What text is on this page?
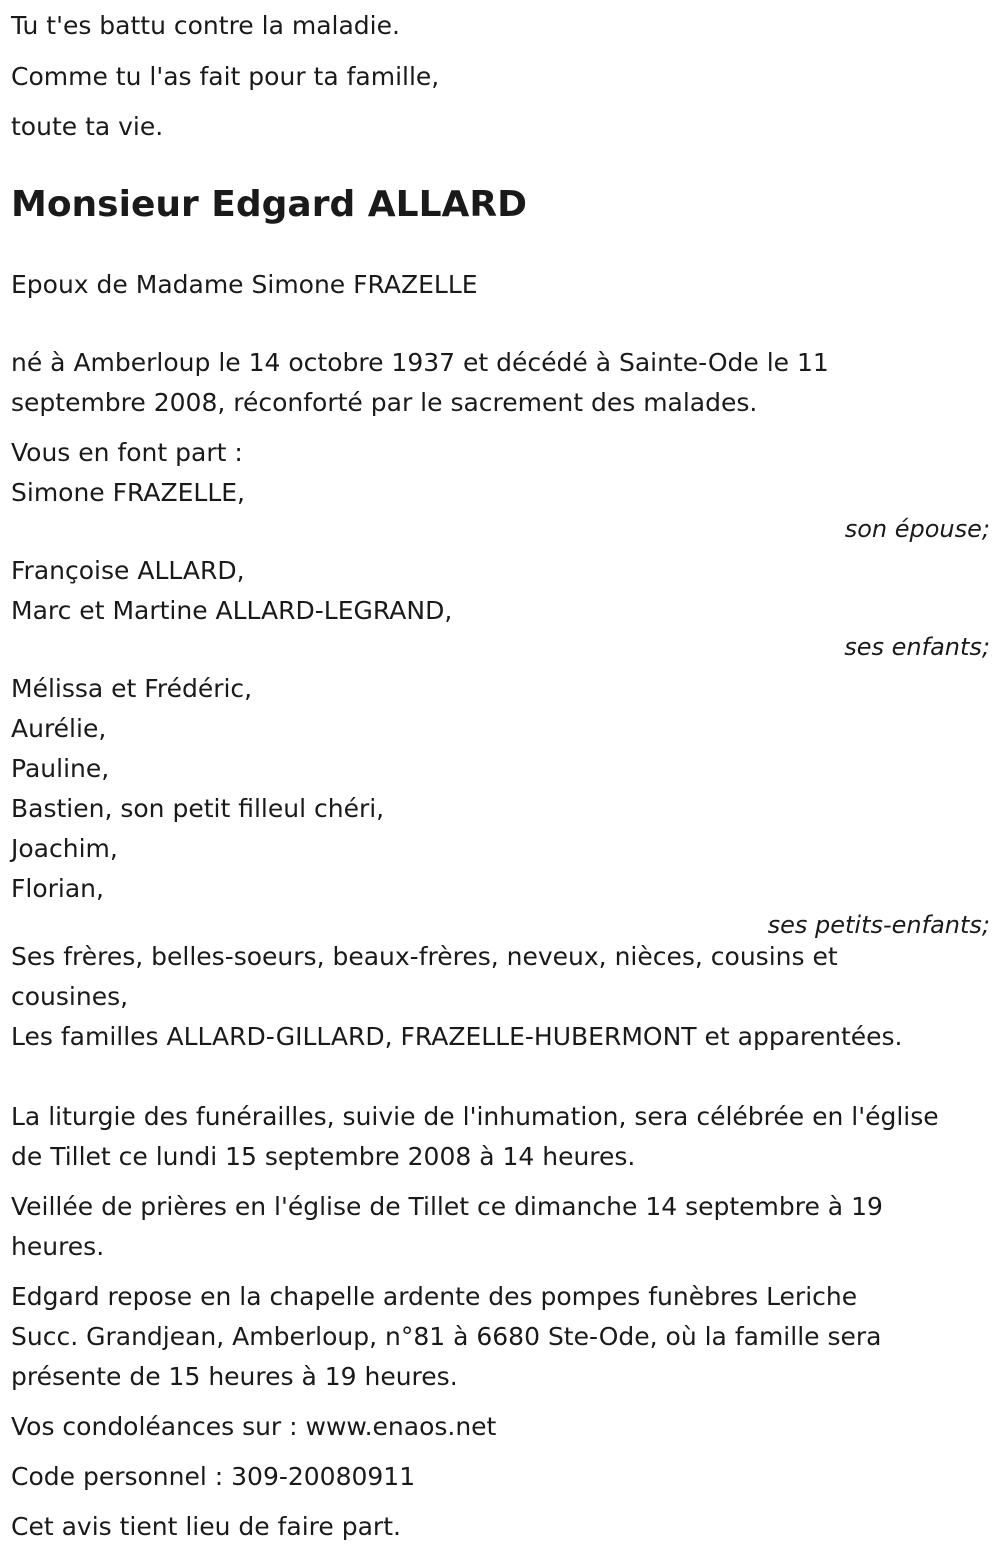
Tu t'es battu contre la maladie.
Comme tu l'as fait pour ta famille,
toute ta vie.
Monsieur Edgard ALLARD
Epoux de Madame Simone FRAZELLE
né à Amberloup le 14 octobre 1937 et décédé à Sainte-Ode le 11
septembre 2008, réconforté par le sacrement des malades.
Vous en font part :
Simone FRAZELLE,
son épouse;
Françoise ALLARD,
Marc et Martine ALLARD-LEGRAND,
ses enfants;
Mélissa et Frédéric,
Aurélie,
Pauline,
Bastien, son petit filleul chéri,
Joachim,
Florian,
ses petits-enfants;
Ses frères, belles-soeurs, beaux-frères, neveux, nièces, cousins et
cousines,
Les familles ALLARD-GILLARD, FRAZELLE-HUBERMONT et apparentées.
La liturgie des funérailles, suivie de l'inhumation, sera célébrée en l'église
de Tillet ce lundi 15 septembre 2008 à 14 heures.
Veillée de prières en l'église de Tillet ce dimanche 14 septembre à 19
heures.
Edgard repose en la chapelle ardente des pompes funèbres Leriche
Succ. Grandjean, Amberloup, n°81 à 6680 Ste-Ode, où la famille sera
présente de 15 heures à 19 heures.
Vos condoléances sur : www.enaos.net
Code personnel : 309-20080911
Cet avis tient lieu de faire part.
